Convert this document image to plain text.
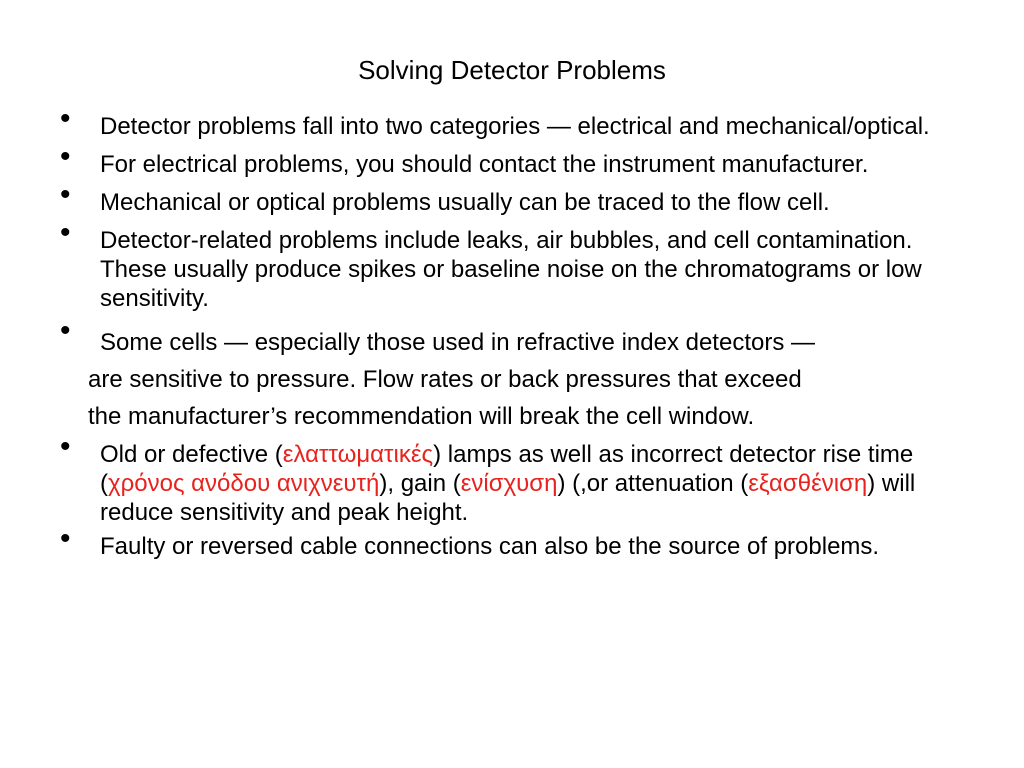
Solving Detector Problems
• Detector problems fall into two categories — electrical and mechanical/optical.
• For electrical problems, you should contact the instrument manufacturer.
• Mechanical or optical problems usually can be traced to the flow cell.
• Detector-related problems include leaks, air bubbles, and cell contamination. These usually produce spikes or baseline noise on the chromatograms or low sensitivity.
• Some cells — especially those used in refractive index detectors —
are sensitive to pressure. Flow rates or back pressures that exceed
the manufacturer’s recommendation will break the cell window.
• Old or defective (ελαττωματικές) lamps as well as incorrect detector rise time (χρόνος ανόδου ανιχνευτή), gain (ενίσχυση) (,or attenuation (εξασθένιση) will reduce sensitivity and peak height.
• Faulty or reversed cable connections can also be the source of problems.
